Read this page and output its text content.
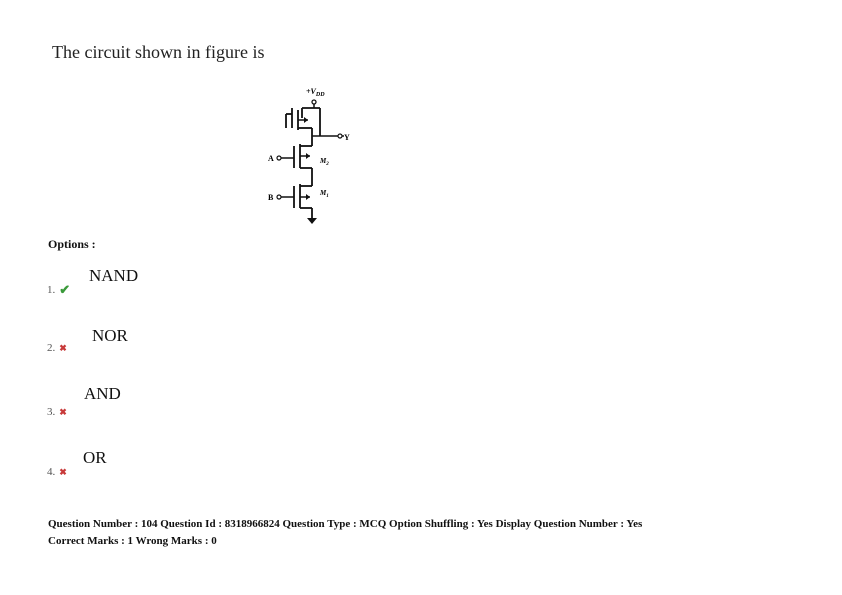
The circuit shown in figure is
$+V_{DD}$
Y
$M_2$
A
$M_1$
B
Options :
NAND
1. ✔
NOR
2. ✖
AND
3. ✖
OR
4. ✖
Question Number : 104 Question Id : 8318966824 Question Type : MCQ Option Shuffling : Yes Display Question Number : Yes
Correct Marks : 1 Wrong Marks : 0
